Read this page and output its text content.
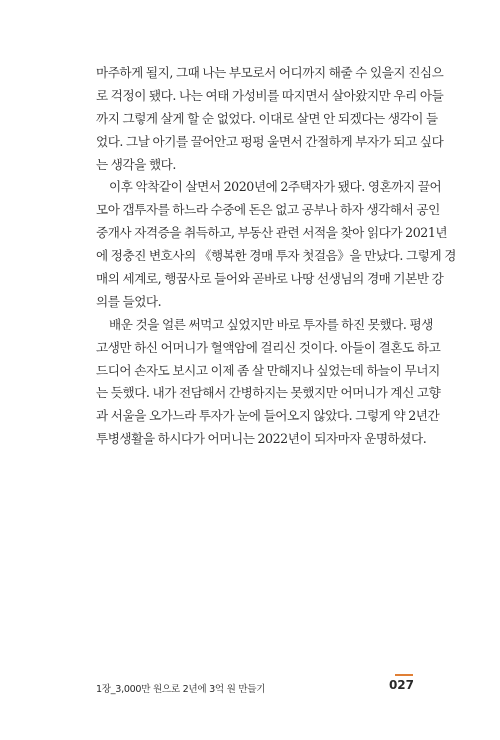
마주하게 될지, 그때 나는 부모로서 어디까지 해줄 수 있을지 진심으
로 걱정이 됐다. 나는 여태 가성비를 따지면서 살아왔지만 우리 아들
까지 그렇게 살게 할 순 없었다. 이대로 살면 안 되겠다는 생각이 들
었다. 그날 아기를 끌어안고 펑펑 울면서 간절하게 부자가 되고 싶다
는 생각을 했다.
이후 악착같이 살면서 2020년에 2주택자가 됐다. 영혼까지 끌어
모아 갭투자를 하느라 수중에 돈은 없고 공부나 하자 생각해서 공인
중개사 자격증을 취득하고, 부동산 관련 서적을 찾아 읽다가 2021년
에 정충진 변호사의 《행복한 경매 투자 첫걸음》을 만났다. 그렇게 경
매의 세계로, 행꿈사로 들어와 곧바로 나땅 선생님의 경매 기본반 강
의를 들었다.
배운 것을 얼른 써먹고 싶었지만 바로 투자를 하진 못했다. 평생
고생만 하신 어머니가 혈액암에 걸리신 것이다. 아들이 결혼도 하고
드디어 손자도 보시고 이제 좀 살 만해지나 싶었는데 하늘이 무너지
는 듯했다. 내가 전담해서 간병하지는 못했지만 어머니가 계신 고향
과 서울을 오가느라 투자가 눈에 들어오지 않았다. 그렇게 약 2년간
투병생활을 하시다가 어머니는 2022년이 되자마자 운명하셨다.
1장_3,000만 원으로 2년에 3억 원 만들기	027
